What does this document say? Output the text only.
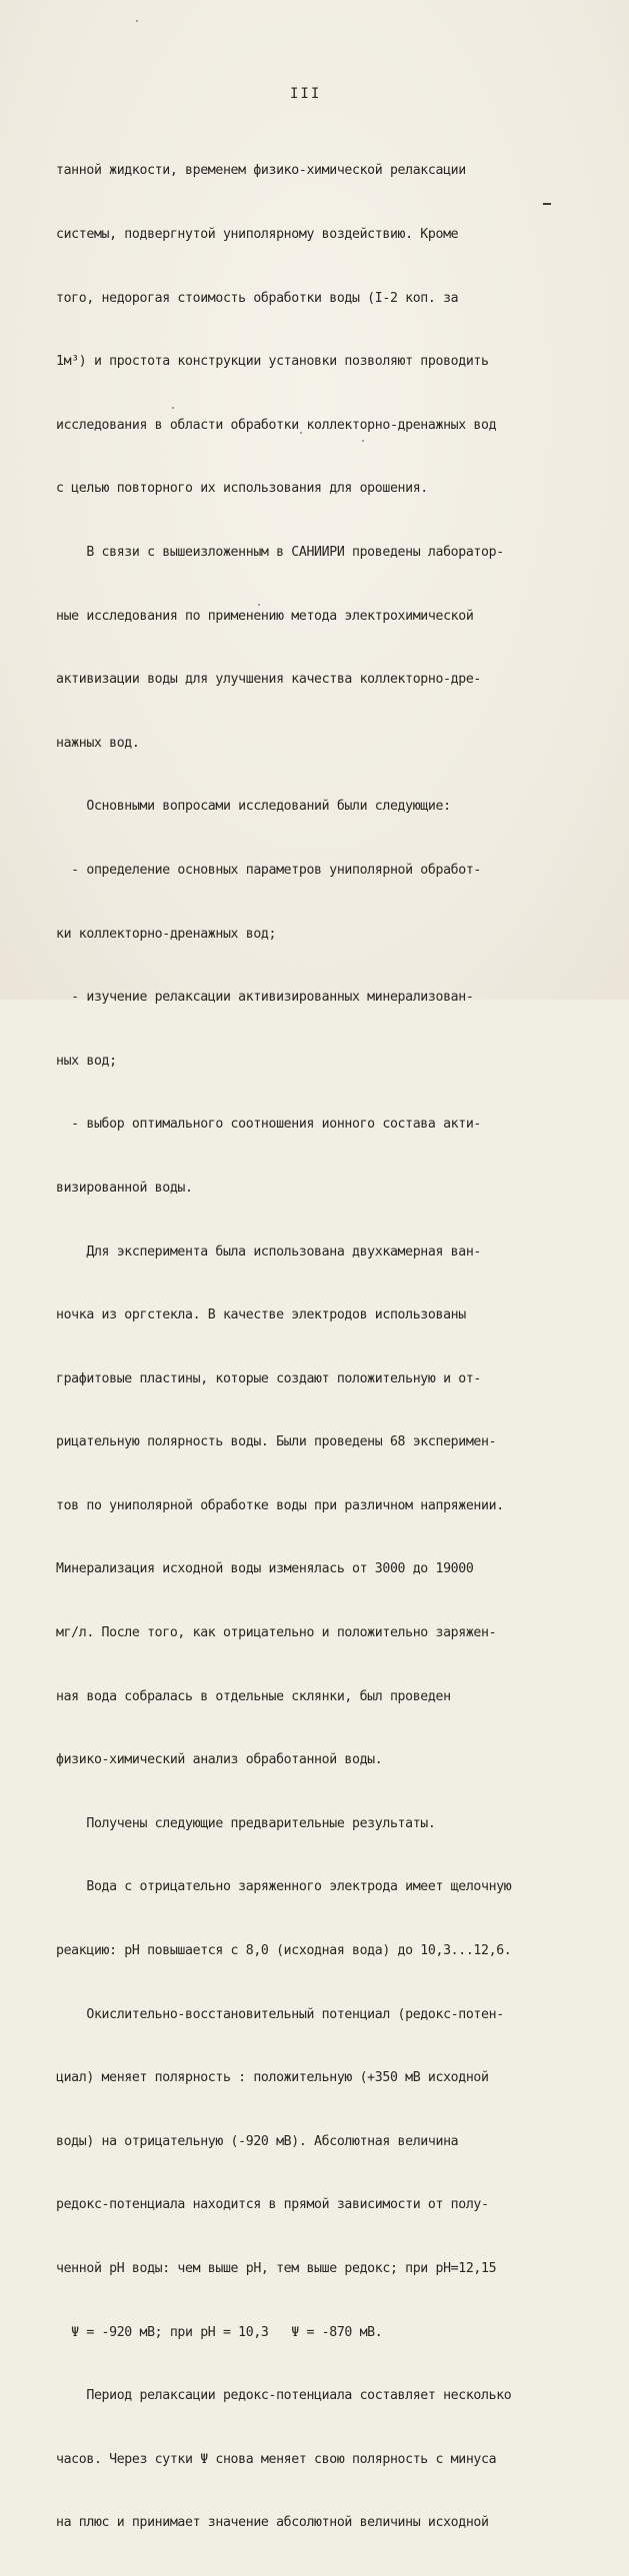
III

танной жидкости, временем физико-химической релаксации

системы, подвергнутой униполярному воздействию. Кроме

того, недорогая стоимость обработки воды (I-2 коп. за

1м³) и простота конструкции установки позволяют проводить

исследования в области обработки коллекторно-дренажных вод

с целью повторного их использования для орошения.

В связи с вышеизложенным в САНИИРИ проведены лаборатор-

ные исследования по применению метода электрохимической

активизации воды для улучшения качества коллекторно-дре-

нажных вод.

Основными вопросами исследований были следующие:

- определение основных параметров униполярной обработ-

ки коллекторно-дренажных вод;

- изучение релаксации активизированных минерализован-

ных вод;

- выбор оптимального соотношения ионного состава акти-

визированной воды.

Для эксперимента была использована двухкамерная ван-

ночка из оргстекла. В качестве электродов использованы

графитовые пластины, которые создают положительную и от-

рицательную полярность воды. Были проведены 68 эксперимен-

тов по униполярной обработке воды при различном напряжении.

Минерализация исходной воды изменялась от 3000 до 19000

мг/л. После того, как отрицательно и положительно заряжен-

ная вода собралась в отдельные склянки, был проведен

физико-химический анализ обработанной воды.

Получены следующие предварительные результаты.

Вода с отрицательно заряженного электрода имеет щелочную

реакцию: рН повышается с 8,0 (исходная вода) до 10,3...12,6.

Окислительно-восстановительный потенциал (редокс-потен-

циал) меняет полярность : положительную (+350 мВ исходной

воды) на отрицательную (-920 мВ). Абсолютная величина

редокс-потенциала находится в прямой зависимости от полу-

ченной рН воды: чем выше рН, тем выше редокс; при рН=12,15

Ψ = -920 мВ; при рН = 10,3   Ψ = -870 мВ.

Период релаксации редокс-потенциала составляет несколько

часов. Через сутки Ψ снова меняет свою полярность с минуса

на плюс и принимает значение абсолютной величины исходной
